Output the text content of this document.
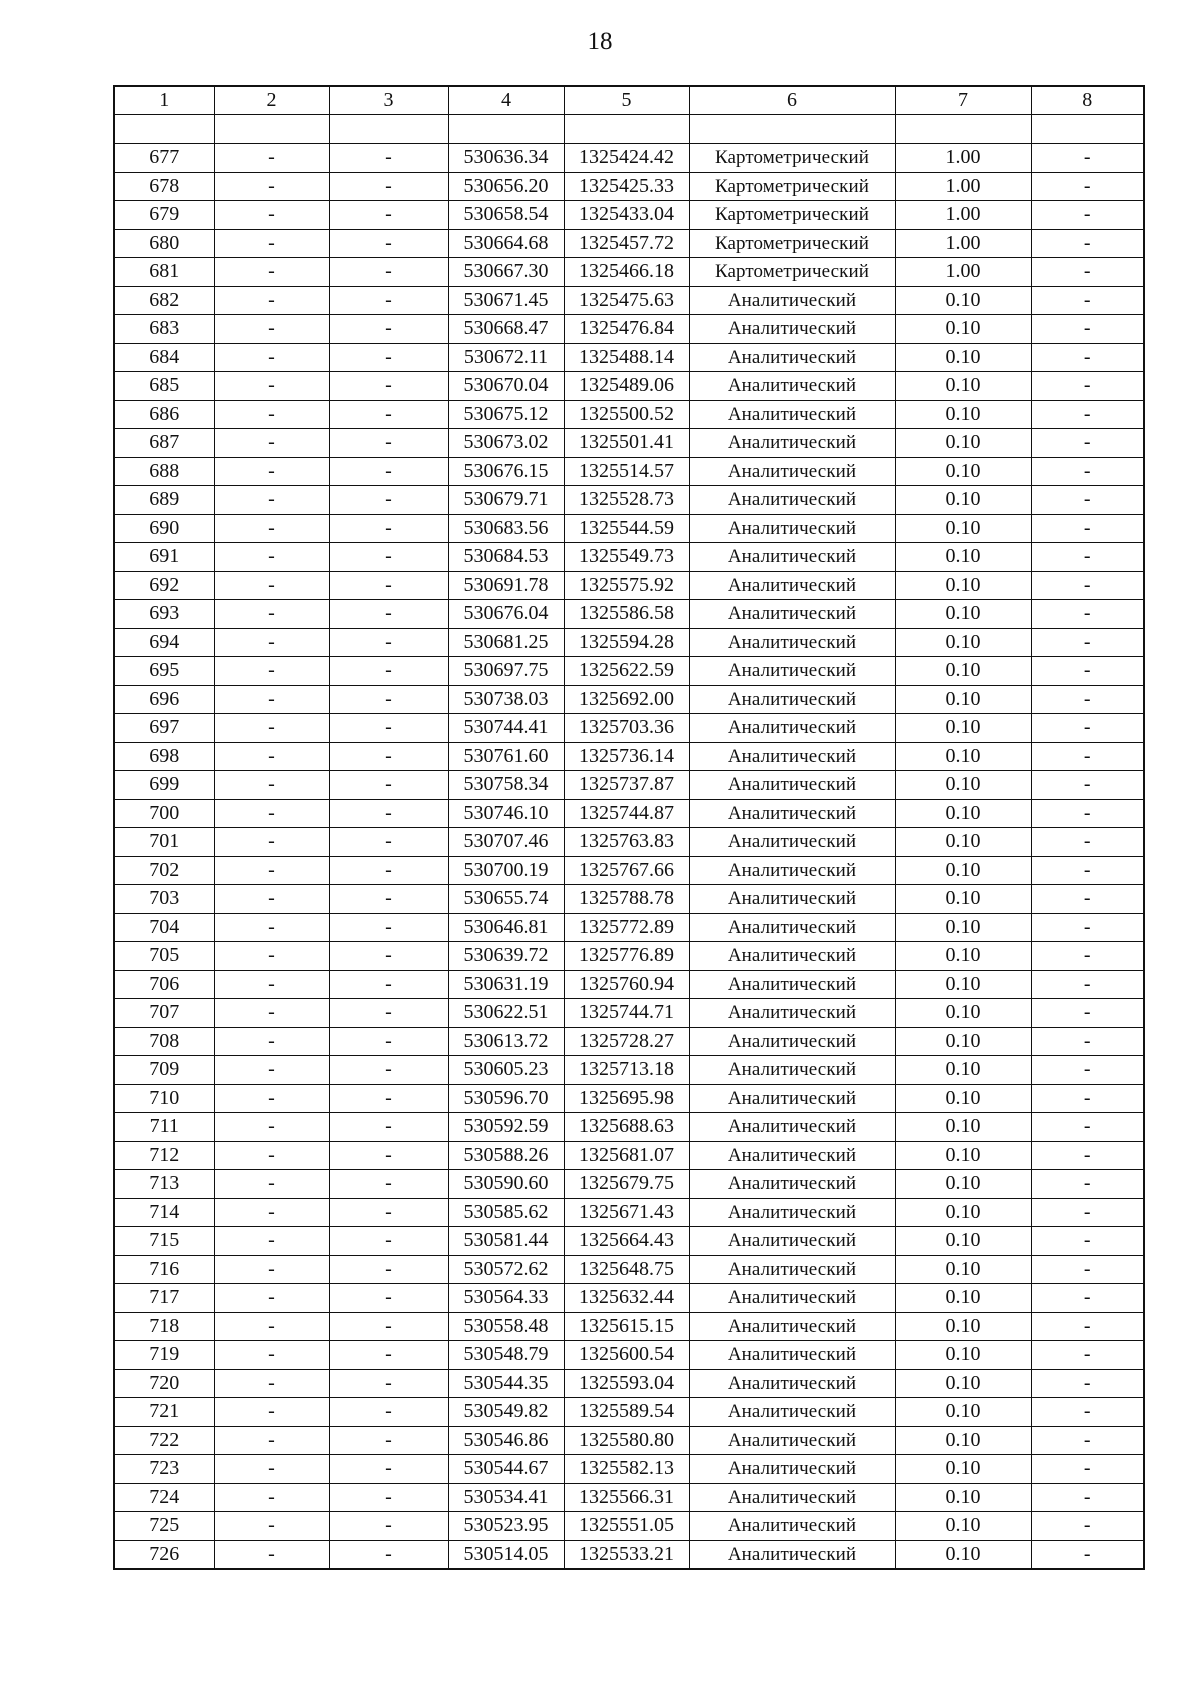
18
1	2	3	4	5	6	7	8

677	-	-	530636.34	1325424.42	Картометрический	1.00	-
678	-	-	530656.20	1325425.33	Картометрический	1.00	-
679	-	-	530658.54	1325433.04	Картометрический	1.00	-
680	-	-	530664.68	1325457.72	Картометрический	1.00	-
681	-	-	530667.30	1325466.18	Картометрический	1.00	-
682	-	-	530671.45	1325475.63	Аналитический	0.10	-
683	-	-	530668.47	1325476.84	Аналитический	0.10	-
684	-	-	530672.11	1325488.14	Аналитический	0.10	-
685	-	-	530670.04	1325489.06	Аналитический	0.10	-
686	-	-	530675.12	1325500.52	Аналитический	0.10	-
687	-	-	530673.02	1325501.41	Аналитический	0.10	-
688	-	-	530676.15	1325514.57	Аналитический	0.10	-
689	-	-	530679.71	1325528.73	Аналитический	0.10	-
690	-	-	530683.56	1325544.59	Аналитический	0.10	-
691	-	-	530684.53	1325549.73	Аналитический	0.10	-
692	-	-	530691.78	1325575.92	Аналитический	0.10	-
693	-	-	530676.04	1325586.58	Аналитический	0.10	-
694	-	-	530681.25	1325594.28	Аналитический	0.10	-
695	-	-	530697.75	1325622.59	Аналитический	0.10	-
696	-	-	530738.03	1325692.00	Аналитический	0.10	-
697	-	-	530744.41	1325703.36	Аналитический	0.10	-
698	-	-	530761.60	1325736.14	Аналитический	0.10	-
699	-	-	530758.34	1325737.87	Аналитический	0.10	-
700	-	-	530746.10	1325744.87	Аналитический	0.10	-
701	-	-	530707.46	1325763.83	Аналитический	0.10	-
702	-	-	530700.19	1325767.66	Аналитический	0.10	-
703	-	-	530655.74	1325788.78	Аналитический	0.10	-
704	-	-	530646.81	1325772.89	Аналитический	0.10	-
705	-	-	530639.72	1325776.89	Аналитический	0.10	-
706	-	-	530631.19	1325760.94	Аналитический	0.10	-
707	-	-	530622.51	1325744.71	Аналитический	0.10	-
708	-	-	530613.72	1325728.27	Аналитический	0.10	-
709	-	-	530605.23	1325713.18	Аналитический	0.10	-
710	-	-	530596.70	1325695.98	Аналитический	0.10	-
711	-	-	530592.59	1325688.63	Аналитический	0.10	-
712	-	-	530588.26	1325681.07	Аналитический	0.10	-
713	-	-	530590.60	1325679.75	Аналитический	0.10	-
714	-	-	530585.62	1325671.43	Аналитический	0.10	-
715	-	-	530581.44	1325664.43	Аналитический	0.10	-
716	-	-	530572.62	1325648.75	Аналитический	0.10	-
717	-	-	530564.33	1325632.44	Аналитический	0.10	-
718	-	-	530558.48	1325615.15	Аналитический	0.10	-
719	-	-	530548.79	1325600.54	Аналитический	0.10	-
720	-	-	530544.35	1325593.04	Аналитический	0.10	-
721	-	-	530549.82	1325589.54	Аналитический	0.10	-
722	-	-	530546.86	1325580.80	Аналитический	0.10	-
723	-	-	530544.67	1325582.13	Аналитический	0.10	-
724	-	-	530534.41	1325566.31	Аналитический	0.10	-
725	-	-	530523.95	1325551.05	Аналитический	0.10	-
726	-	-	530514.05	1325533.21	Аналитический	0.10	-
